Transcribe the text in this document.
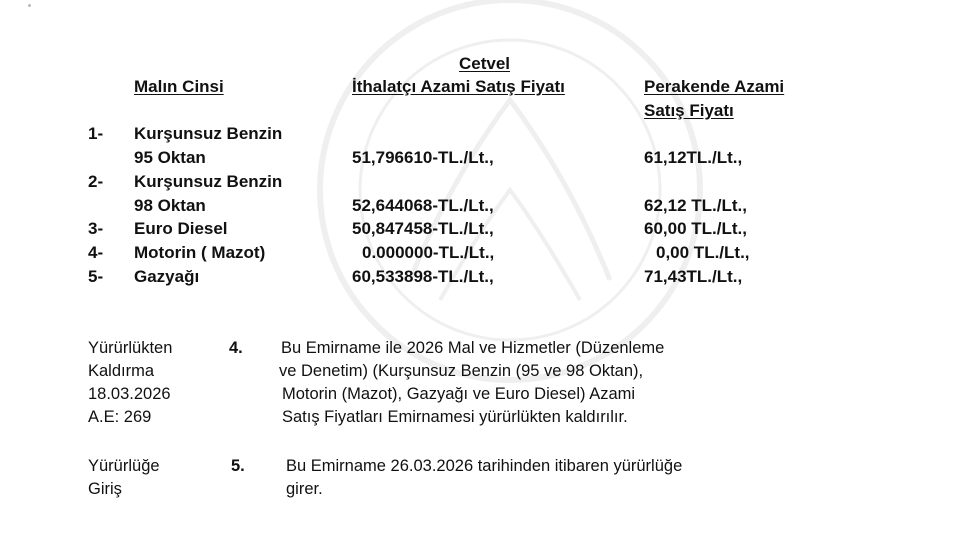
Cetvel
Malın Cinsi	İthalatçı Azami Satış Fiyatı	Perakende Azami
Satış Fiyatı
1- Kurşunsuz Benzin
95 Oktan	51,796610-TL./Lt.,	61,12TL./Lt.,
2- Kurşunsuz Benzin
98 Oktan	52,644068-TL./Lt.,	62,12 TL./Lt.,
3- Euro Diesel	50,847458-TL./Lt.,	60,00 TL./Lt.,
4- Motorin ( Mazot)	0.000000-TL./Lt.,	0,00 TL./Lt.,
5- Gazyağı	60,533898-TL./Lt.,	71,43TL./Lt.,
Yürürlükten
Kaldırma
18.03.2026
A.E: 269
4. Bu Emirname ile 2026 Mal ve Hizmetler (Düzenleme
ve Denetim) (Kurşunsuz Benzin (95 ve 98 Oktan),
Motorin (Mazot), Gazyağı ve Euro Diesel) Azami
Satış Fiyatları Emirnamesi yürürlükten kaldırılır.
Yürürlüğe
Giriş
5. Bu Emirname 26.03.2026 tarihinden itibaren yürürlüğe
girer.
